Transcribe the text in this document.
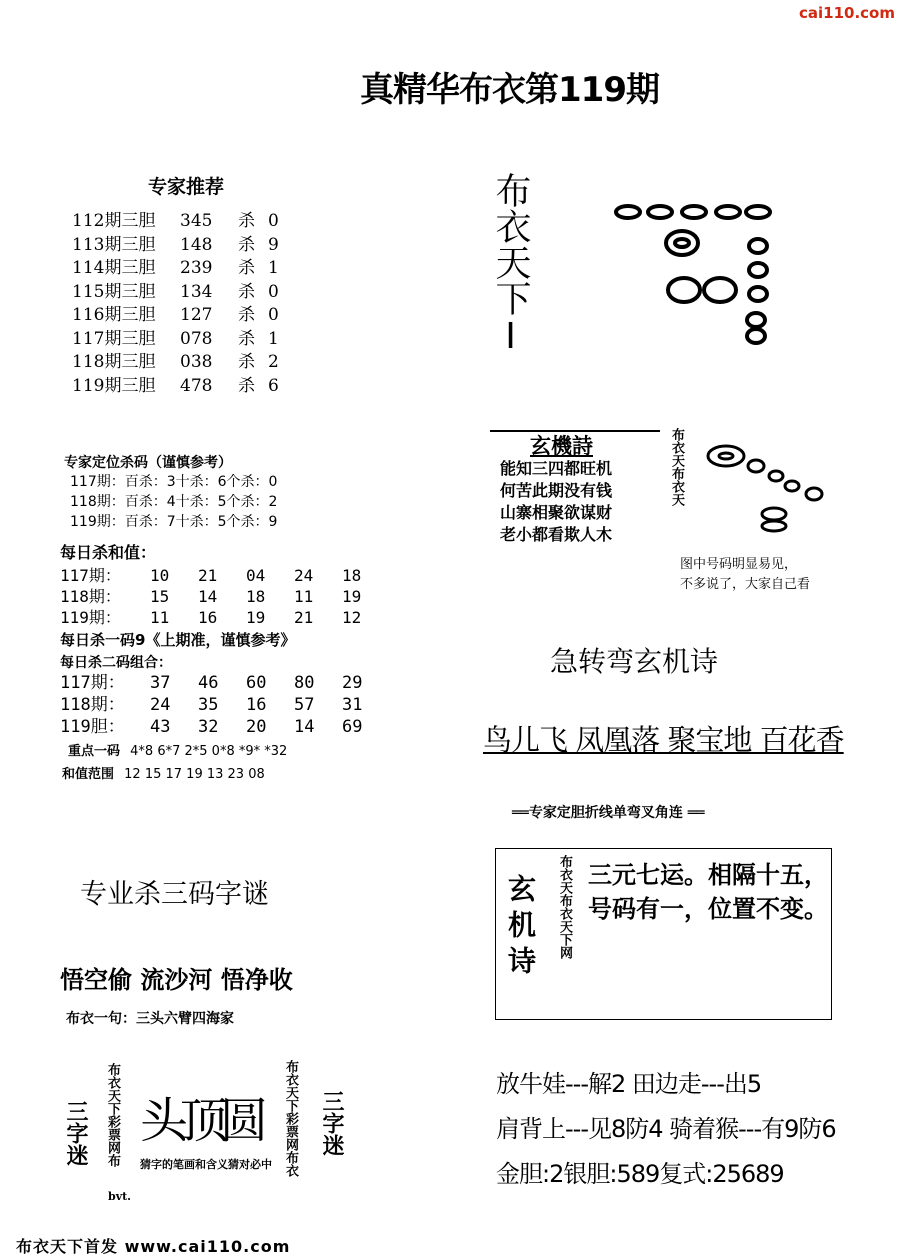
cai110.com
真精华布衣第119期
专家推荐
112期三胆 345 杀 0
113期三胆 148 杀 9
114期三胆 239 杀 1
115期三胆 134 杀 0
116期三胆 127 杀 0
117期三胆 078 杀 1
118期三胆 038 杀 2
119期三胆 478 杀 6
专家定位杀码（谨慎参考）
117期：百杀：3十杀：6个杀：0
118期：百杀：4十杀：5个杀：2
119期：百杀：7十杀：5个杀：9
每日杀和值：
117期： 10 21 04 24 18
118期： 15 14 18 11 19
119期： 11 16 19 21 12
每日杀一码9《上期准，谨慎参考》
每日杀二码组合：
117期： 37 46 60 80 29
118期： 24 35 16 57 31
119胆： 43 32 20 14 69
重点一码 4*8 6*7 2*5 0*8 *9* *32
和值范围 12 15 17 19 13 23 08
专业杀三码字谜
悟空偷 流沙河 悟净收
布衣一句：三头六臂四海家
三字迷 布衣天下彩票网布
bvt.
头顶圆
猜字的笔画和含义猜对必中 布衣天下彩票网布衣 三字迷
布衣天下首发 www.cai110.com
布衣天下I
玄機詩
能知三四都旺机
何苦此期没有钱
山寨相聚欲谋财
老小都看欺人木
布衣天布衣天
图中号码明显易见，
不多说了，大家自己看
急转弯玄机诗
鸟儿飞 凤凰落 聚宝地 百花香
══专家定胆折线单弯叉角连 ══
玄机诗 布衣天布衣天下网 三元七运。相隔十五，
号码有一，位置不变。
放牛娃---解2 田边走---出5
肩背上---见8防4 骑着猴---有9防6
金胆:2银胆:589复式:25689
